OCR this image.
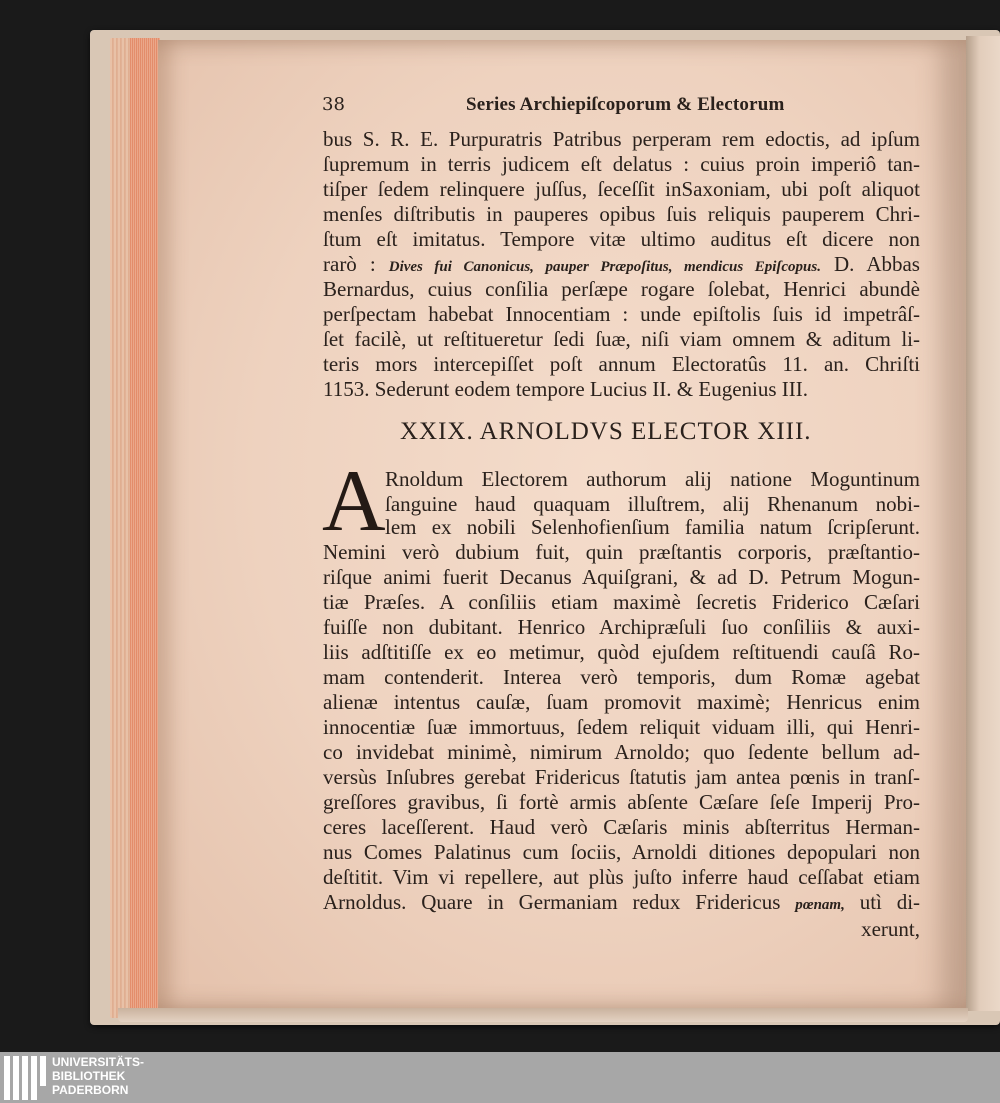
38	Series Archiepiſcoporum & Electorum
bus S. R. E. Purpuratris Patribus perperam rem edoctis, ad ipſum
ſupremum in terris judicem eſt delatus : cuius proin imperiô tan-
tiſper ſedem relinquere juſſus, ſeceſſit inSaxoniam, ubi poſt aliquot
menſes diſtributis in pauperes opibus ſuis reliquis pauperem Chri-
ſtum eſt imitatus. Tempore vitæ ultimo auditus eſt dicere non
rarò : Dives fui Canonicus, pauper Præpoſitus, mendicus Epiſcopus. D. Abbas
Bernardus, cuius conſilia perſæpe rogare ſolebat, Henrici abundè
perſpectam habebat Innocentiam : unde epiſtolis ſuis id impetrâſ-
ſet facilè, ut reſtitueretur ſedi ſuæ, niſi viam omnem & aditum li-
teris mors intercepiſſet poſt annum Electoratûs 11. an. Chriſti
1153. Sederunt eodem tempore Lucius II. & Eugenius III.
XXIX. ARNOLDVS ELECTOR XIII.
A Rnoldum Electorem authorum alij natione Moguntinum
ſanguine haud quaquam illuſtrem, alij Rhenanum nobi-
lem ex nobili Selenhofienſium familia natum ſcripſerunt.
Nemini verò dubium fuit, quin præſtantis corporis, præſtantio-
riſque animi fuerit Decanus Aquiſgrani, & ad D. Petrum Mogun-
tiæ Præſes. A conſiliis etiam maximè ſecretis Friderico Cæſari
fuiſſe non dubitant. Henrico Archipræſuli ſuo conſiliis & auxi-
liis adſtitiſſe ex eo metimur, quòd ejuſdem reſtituendi cauſâ Ro-
mam contenderit. Interea verò temporis, dum Romæ agebat
alienæ intentus cauſæ, ſuam promovit maximè; Henricus enim
innocentiæ ſuæ immortuus, ſedem reliquit viduam illi, qui Henri-
co invidebat minimè, nimirum Arnoldo; quo ſedente bellum ad-
versùs Inſubres gerebat Fridericus ſtatutis jam antea pœnis in tranſ-
greſſores gravibus, ſi fortè armis abſente Cæſare ſeſe Imperij Pro-
ceres laceſſerent. Haud verò Cæſaris minis abſterritus Herman-
nus Comes Palatinus cum ſociis, Arnoldi ditiones depopulari non
deſtitit. Vim vi repellere, aut plùs juſto inferre haud ceſſabat etiam
Arnoldus. Quare in Germaniam redux Fridericus pœnam, utì di-
xerunt,
UNIVERSITÄTS-
BIBLIOTHEK
PADERBORN
